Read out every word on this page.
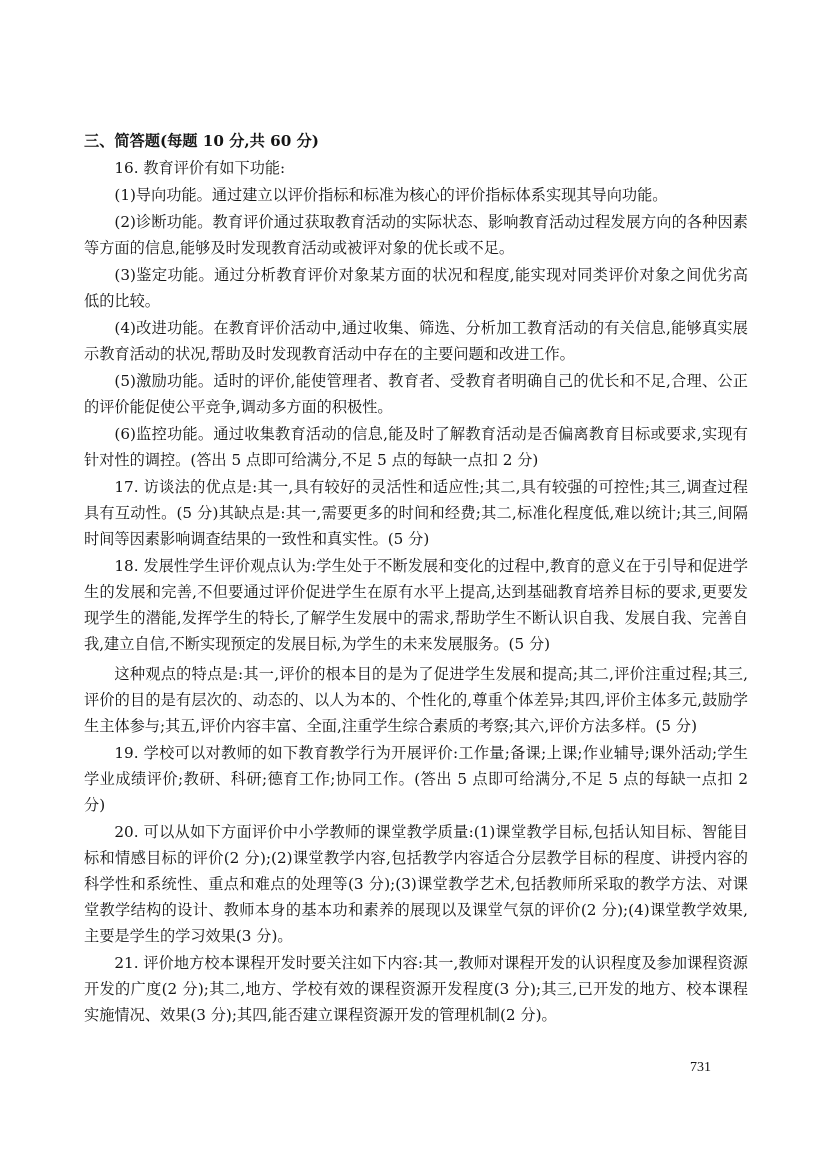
三、简答题(每题 10 分,共 60 分)

16. 教育评价有如下功能:

(1)导向功能。通过建立以评价指标和标准为核心的评价指标体系实现其导向功能。

(2)诊断功能。教育评价通过获取教育活动的实际状态、影响教育活动过程发展方向的各种因素等方面的信息,能够及时发现教育活动或被评对象的优长或不足。

(3)鉴定功能。通过分析教育评价对象某方面的状况和程度,能实现对同类评价对象之间优劣高低的比较。

(4)改进功能。在教育评价活动中,通过收集、筛选、分析加工教育活动的有关信息,能够真实展示教育活动的状况,帮助及时发现教育活动中存在的主要问题和改进工作。

(5)激励功能。适时的评价,能使管理者、教育者、受教育者明确自己的优长和不足,合理、公正的评价能促使公平竞争,调动多方面的积极性。

(6)监控功能。通过收集教育活动的信息,能及时了解教育活动是否偏离教育目标或要求,实现有针对性的调控。(答出 5 点即可给满分,不足 5 点的每缺一点扣 2 分)

17. 访谈法的优点是:其一,具有较好的灵活性和适应性;其二,具有较强的可控性;其三,调查过程具有互动性。(5 分)其缺点是:其一,需要更多的时间和经费;其二,标准化程度低,难以统计;其三,间隔时间等因素影响调查结果的一致性和真实性。(5 分)

18. 发展性学生评价观点认为:学生处于不断发展和变化的过程中,教育的意义在于引导和促进学生的发展和完善,不但要通过评价促进学生在原有水平上提高,达到基础教育培养目标的要求,更要发现学生的潜能,发挥学生的特长,了解学生发展中的需求,帮助学生不断认识自我、发展自我、完善自我,建立自信,不断实现预定的发展目标,为学生的未来发展服务。(5 分)

这种观点的特点是:其一,评价的根本目的是为了促进学生发展和提高;其二,评价注重过程;其三,评价的目的是有层次的、动态的、以人为本的、个性化的,尊重个体差异;其四,评价主体多元,鼓励学生主体参与;其五,评价内容丰富、全面,注重学生综合素质的考察;其六,评价方法多样。(5 分)

19. 学校可以对教师的如下教育教学行为开展评价:工作量;备课;上课;作业辅导;课外活动;学生学业成绩评价;教研、科研;德育工作;协同工作。(答出 5 点即可给满分,不足 5 点的每缺一点扣 2 分)

20. 可以从如下方面评价中小学教师的课堂教学质量:(1)课堂教学目标,包括认知目标、智能目标和情感目标的评价(2 分);(2)课堂教学内容,包括教学内容适合分层教学目标的程度、讲授内容的科学性和系统性、重点和难点的处理等(3 分);(3)课堂教学艺术,包括教师所采取的教学方法、对课堂教学结构的设计、教师本身的基本功和素养的展现以及课堂气氛的评价(2 分);(4)课堂教学效果,主要是学生的学习效果(3 分)。

21. 评价地方校本课程开发时要关注如下内容:其一,教师对课程开发的认识程度及参加课程资源开发的广度(2 分);其二,地方、学校有效的课程资源开发程度(3 分);其三,已开发的地方、校本课程实施情况、效果(3 分);其四,能否建立课程资源开发的管理机制(2 分)。

731
